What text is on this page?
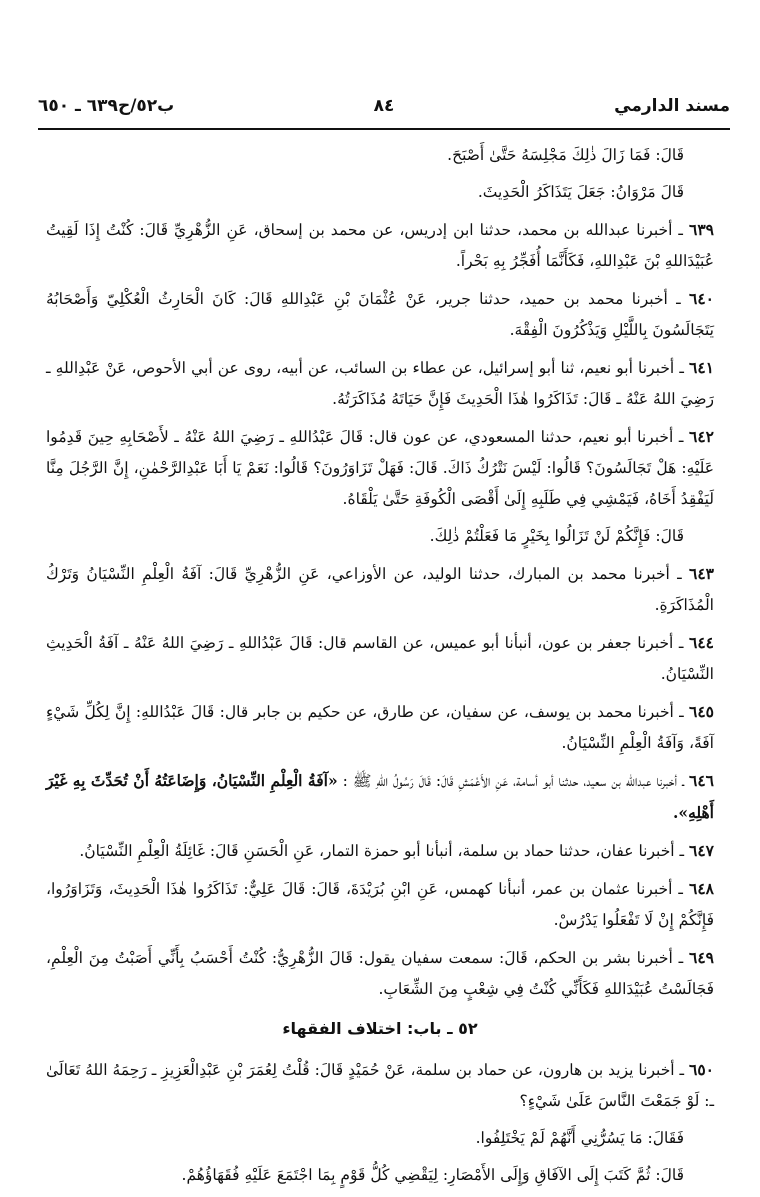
مسند الدارمي
٨٤
ب٥٢/ح٦٣٩ ـ ٦٥٠

قَالَ: فَمَا زَالَ ذٰلِكَ مَجْلِسَهُ حَتَّىٰ أَصْبَحَ.

قَالَ مَرْوَانُ: جَعَلَ يَتَذَاكَرُ الْحَدِيثَ.

٦٣٩ ـ أخبرنا عبدالله بن محمد، حدثنا ابن إدريس، عن محمد بن إسحاق، عَنِ الزُّهْرِيِّ قَالَ: كُنْتُ إِذَا لَقِيتُ عُبَيْدَاللهِ بْنَ عَبْدِاللهِ، فَكَأَنَّمَا أُفَجِّرُ بِهِ بَحْراً.

٦٤٠ ـ أخبرنا محمد بن حميد، حدثنا جرير، عَنْ عُثْمَانَ بْنِ عَبْدِاللهِ قَالَ: كَانَ الْحَارِثُ الْعُكْلِيّ وَأَصْحَابُهُ يَتَجَالَسُونَ بِاللَّيْلِ وَيَذْكُرُونَ الْفِقْهَ.

٦٤١ ـ أخبرنا أبو نعيم، ثنا أبو إسرائيل، عن عطاء بن السائب، عن أبيه، روى عن أبي الأحوص، عَنْ عَبْدِاللهِ ـ رَضِيَ اللهُ عَنْهُ ـ قَالَ: تَذَاكَرُوا هٰذَا الْحَدِيثَ فَإِنَّ حَيَاتَهُ مُذَاكَرَتُهُ.

٦٤٢ ـ أخبرنا أبو نعيم، حدثنا المسعودي، عن عون قال: قَالَ عَبْدُاللهِ ـ رَضِيَ اللهُ عَنْهُ ـ لأَصْحَابِهِ حِينَ قَدِمُوا عَلَيْهِ: هَلْ تَجَالَسُونَ؟ قَالُوا: لَيْسَ نَتْرُكُ ذَاكَ. قَالَ: فَهَلْ تَزَاوَرُونَ؟ قَالُوا: نَعَمْ يَا أَبَا عَبْدِالرَّحْمٰنِ، إِنَّ الرَّجُلَ مِنَّا لَيَفْقِدُ أَخَاهُ، فَيَمْشِي فِي طَلَبِهِ إِلَىٰ أَقْصَى الْكُوفَةِ حَتَّىٰ يَلْقَاهُ.

قَالَ: فَإِنَّكُمْ لَنْ تَزَالُوا بِخَيْرٍ مَا فَعَلْتُمْ ذٰلِكَ.

٦٤٣ ـ أخبرنا محمد بن المبارك، حدثنا الوليد، عن الأوزاعي، عَنِ الزُّهْرِيِّ قَالَ: آفَةُ الْعِلْمِ النِّسْيَانُ وَتَرْكُ الْمُذَاكَرَةِ.

٦٤٤ ـ أخبرنا جعفر بن عون، أنبأنا أبو عميس، عن القاسم قال: قَالَ عَبْدُاللهِ ـ رَضِيَ اللهُ عَنْهُ ـ آفَةُ الْحَدِيثِ النِّسْيَانُ.

٦٤٥ ـ أخبرنا محمد بن يوسف، عن سفيان، عن طارق، عن حكيم بن جابر قال: قَالَ عَبْدُاللهِ: إِنَّ لِكُلِّ شَيْءٍ آفَةً، وَآفَةُ الْعِلْمِ النِّسْيَانُ.

٦٤٦ ـ أخبرنا عبدالله بن سعيد، حدثنا أبو أسامة، عَنِ الأَعْمَشِ قَالَ: قَالَ رَسُولُ اللهِ ﷺ : «آفَةُ الْعِلْمِ النِّسْيَانُ، وَإِضَاعَتُهُ أَنْ تُحَدِّثَ بِهِ غَيْرَ أَهْلِهِ».

٦٤٧ ـ أخبرنا عفان، حدثنا حماد بن سلمة، أنبأنا أبو حمزة التمار، عَنِ الْحَسَنِ قَالَ: غَائِلَةُ الْعِلْمِ النِّسْيَانُ.

٦٤٨ ـ أخبرنا عثمان بن عمر، أنبأنا كهمس، عَنِ ابْنِ بُرَيْدَةَ، قَالَ: قَالَ عَلِيٌّ: تَذَاكَرُوا هٰذَا الْحَدِيثَ، وَتَزَاوَرُوا، فَإِنَّكُمْ إِنْ لَا تَفْعَلُوا يَدْرُسْ.

٦٤٩ ـ أخبرنا بشر بن الحكم، قَالَ: سمعت سفيان يقول: قَالَ الزُّهْرِيُّ: كُنْتُ أَحْسَبُ بِأَنِّي أَصَبْتُ مِنَ الْعِلْمِ، فَجَالَسْتُ عُبَيْدَاللهِ فَكَأَنِّي كُنْتُ فِي شِعْبٍ مِنَ الشِّعَابِ.

٥٢ ـ باب: اختلاف الفقهاء

٦٥٠ ـ أخبرنا يزيد بن هارون، عن حماد بن سلمة، عَنْ حُمَيْدٍ قَالَ: قُلْتُ لِعُمَرَ بْنِ عَبْدِالْعَزِيزِ ـ رَحِمَهُ اللهُ تَعَالَىٰ ـ: لَوْ جَمَعْتَ النَّاسَ عَلَىٰ شَيْءٍ؟

فَقَالَ: مَا يَسُرُّنِي أَنَّهُمْ لَمْ يَخْتَلِفُوا.

قَالَ: ثُمَّ كَتَبَ إِلَى الآفَاقِ وَإِلَى الأَمْصَارِ: لِيَقْضِي كُلُّ قَوْمٍ بِمَا اجْتَمَعَ عَلَيْهِ فُقَهَاؤُهُمْ.
